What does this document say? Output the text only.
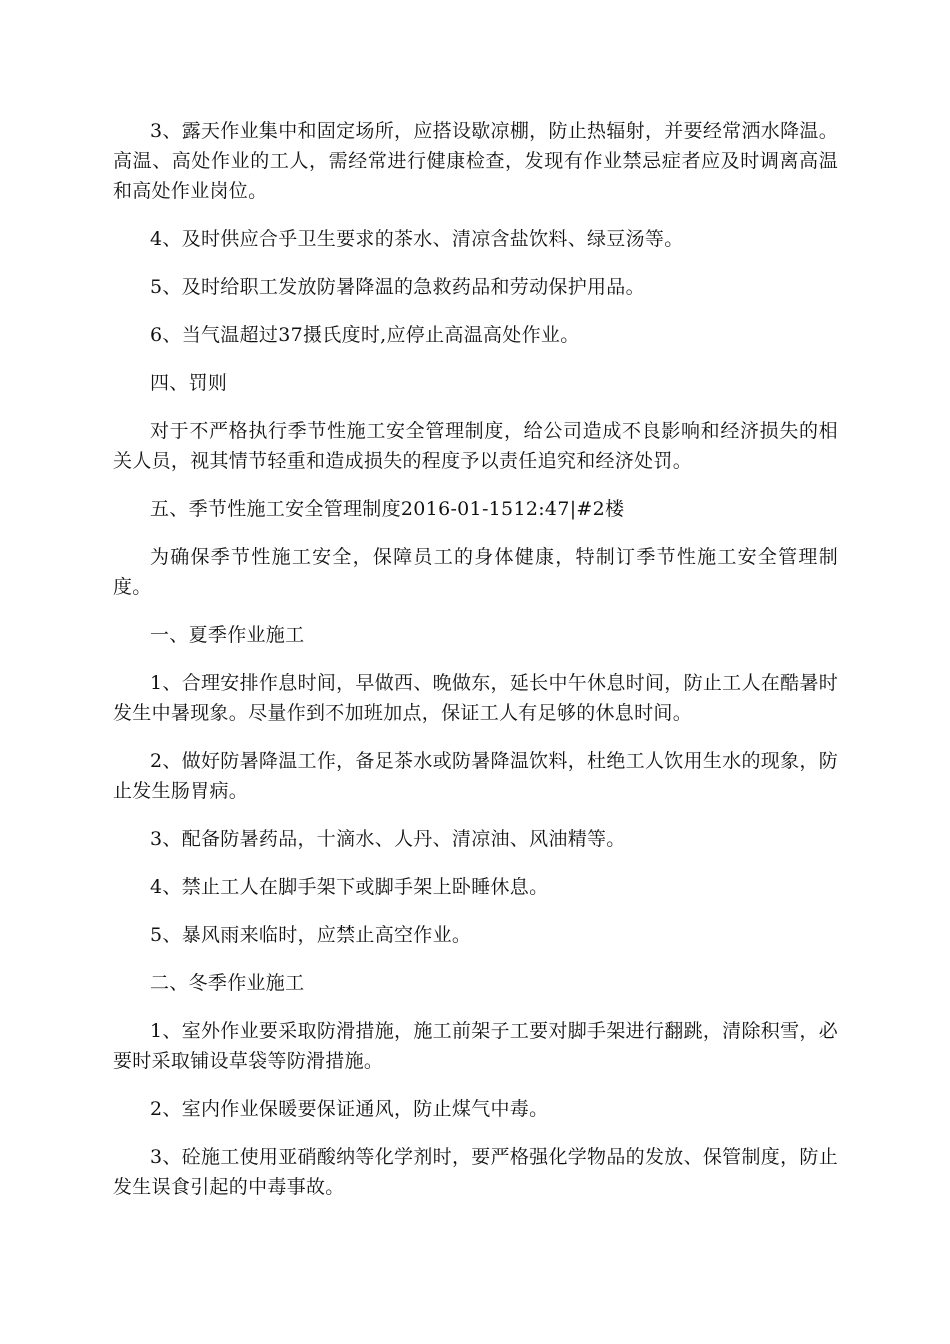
3、露天作业集中和固定场所，应搭设歇凉棚，防止热辐射，并要经常洒水降温。高温、高处作业的工人，需经常进行健康检查，发现有作业禁忌症者应及时调离高温和高处作业岗位。

4、及时供应合乎卫生要求的茶水、清凉含盐饮料、绿豆汤等。

5、及时给职工发放防暑降温的急救药品和劳动保护用品。

6、当气温超过37摄氏度时,应停止高温高处作业。

四、罚则

对于不严格执行季节性施工安全管理制度，给公司造成不良影响和经济损失的相关人员，视其情节轻重和造成损失的程度予以责任追究和经济处罚。

五、季节性施工安全管理制度2016-01-1512:47|#2楼

为确保季节性施工安全，保障员工的身体健康，特制订季节性施工安全管理制度。

一、夏季作业施工

1、合理安排作息时间，早做西、晚做东，延长中午休息时间，防止工人在酷暑时发生中暑现象。尽量作到不加班加点，保证工人有足够的休息时间。

2、做好防暑降温工作，备足茶水或防暑降温饮料，杜绝工人饮用生水的现象，防止发生肠胃病。

3、配备防暑药品，十滴水、人丹、清凉油、风油精等。

4、禁止工人在脚手架下或脚手架上卧睡休息。

5、暴风雨来临时，应禁止高空作业。

二、冬季作业施工

1、室外作业要采取防滑措施，施工前架子工要对脚手架进行翻跳，清除积雪，必要时采取铺设草袋等防滑措施。

2、室内作业保暖要保证通风，防止煤气中毒。

3、砼施工使用亚硝酸纳等化学剂时，要严格强化学物品的发放、保管制度，防止发生误食引起的中毒事故。
